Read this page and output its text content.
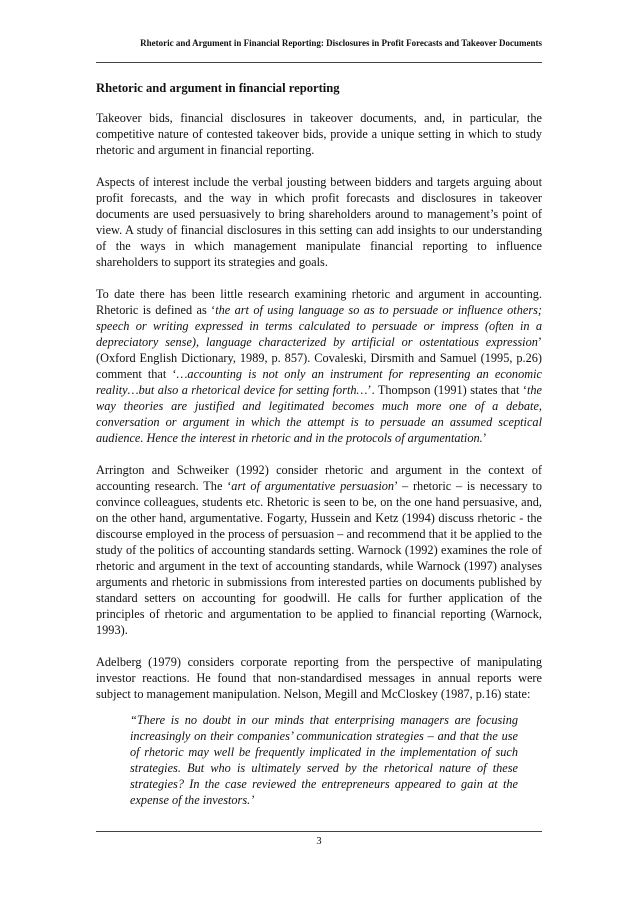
Rhetoric and Argument in Financial Reporting: Disclosures in Profit Forecasts and Takeover Documents
Rhetoric and argument in financial reporting

Takeover bids, financial disclosures in takeover documents, and, in particular, the competitive nature of contested takeover bids, provide a unique setting in which to study rhetoric and argument in financial reporting.

Aspects of interest include the verbal jousting between bidders and targets arguing about profit forecasts, and the way in which profit forecasts and disclosures in takeover documents are used persuasively to bring shareholders around to management’s point of view. A study of financial disclosures in this setting can add insights to our understanding of the ways in which management manipulate financial reporting to influence shareholders to support its strategies and goals.

To date there has been little research examining rhetoric and argument in accounting. Rhetoric is defined as ‘the art of using language so as to persuade or influence others; speech or writing expressed in terms calculated to persuade or impress (often in a depreciatory sense), language characterized by artificial or ostentatious expression’ (Oxford English Dictionary, 1989, p. 857). Covaleski, Dirsmith and Samuel (1995, p.26) comment that ‘…accounting is not only an instrument for representing an economic reality…but also a rhetorical device for setting forth…’. Thompson (1991) states that ‘the way theories are justified and legitimated becomes much more one of a debate, conversation or argument in which the attempt is to persuade an assumed sceptical audience. Hence the interest in rhetoric and in the protocols of argumentation.’

Arrington and Schweiker (1992) consider rhetoric and argument in the context of accounting research. The ‘art of argumentative persuasion’ – rhetoric – is necessary to convince colleagues, students etc. Rhetoric is seen to be, on the one hand persuasive, and, on the other hand, argumentative. Fogarty, Hussein and Ketz (1994) discuss rhetoric - the discourse employed in the process of persuasion – and recommend that it be applied to the study of the politics of accounting standards setting. Warnock (1992) examines the role of rhetoric and argument in the text of accounting standards, while Warnock (1997) analyses arguments and rhetoric in submissions from interested parties on documents published by standard setters on accounting for goodwill. He calls for further application of the principles of rhetoric and argumentation to be applied to financial reporting (Warnock, 1993).

Adelberg (1979) considers corporate reporting from the perspective of manipulating investor reactions. He found that non-standardised messages in annual reports were subject to management manipulation. Nelson, Megill and McCloskey (1987, p.16) state:

“There is no doubt in our minds that enterprising managers are focusing increasingly on their companies’ communication strategies – and that the use of rhetoric may well be frequently implicated in the implementation of such strategies. But who is ultimately served by the rhetorical nature of these strategies? In the case reviewed the entrepreneurs appeared to gain at the expense of the investors.’
3
